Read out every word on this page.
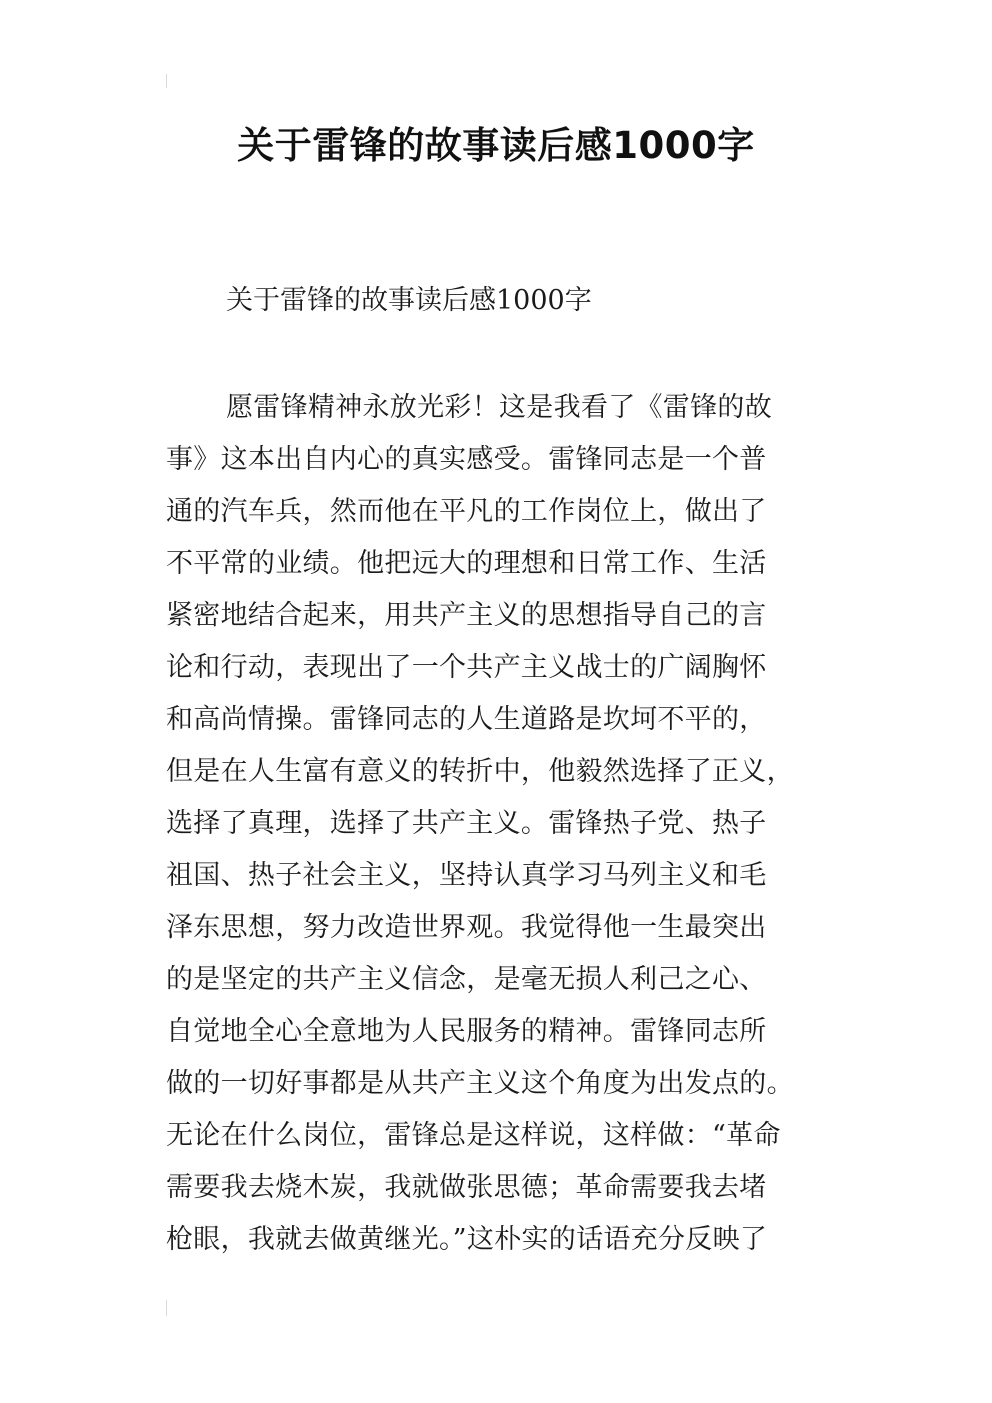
关于雷锋的故事读后感1000字
关于雷锋的故事读后感1000字
愿雷锋精神永放光彩！这是我看了《雷锋的故
事》这本出自内心的真实感受。雷锋同志是一个普
通的汽车兵，然而他在平凡的工作岗位上，做出了
不平常的业绩。他把远大的理想和日常工作、生活
紧密地结合起来，用共产主义的思想指导自己的言
论和行动，表现出了一个共产主义战士的广阔胸怀
和高尚情操。雷锋同志的人生道路是坎坷不平的，
但是在人生富有意义的转折中，他毅然选择了正义，
选择了真理，选择了共产主义。雷锋热子党、热子
祖国、热子社会主义，坚持认真学习马列主义和毛
泽东思想，努力改造世界观。我觉得他一生最突出
的是坚定的共产主义信念，是毫无损人利己之心、
自觉地全心全意地为人民服务的精神。雷锋同志所
做的一切好事都是从共产主义这个角度为出发点的。
无论在什么岗位，雷锋总是这样说，这样做：“革命
需要我去烧木炭，我就做张思德；革命需要我去堵
枪眼，我就去做黄继光。”这朴实的话语充分反映了
